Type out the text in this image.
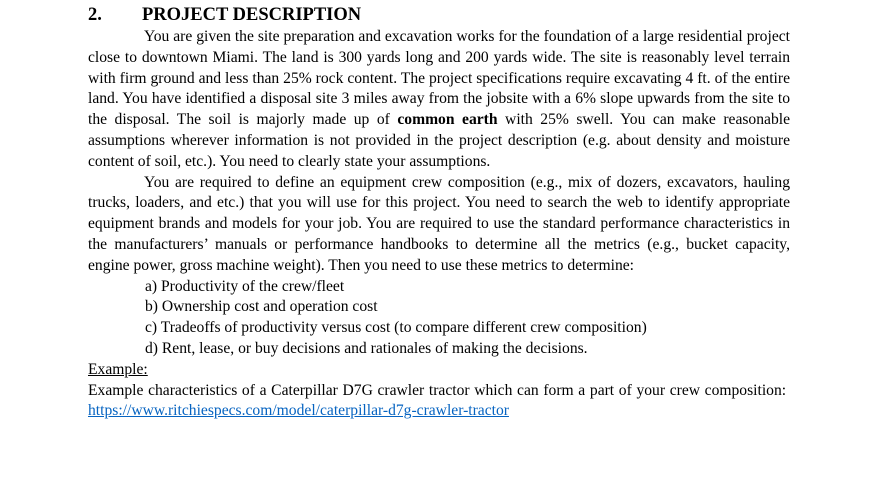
2.	PROJECT DESCRIPTION

You are given the site preparation and excavation works for the foundation of a large residential project close to downtown Miami. The land is 300 yards long and 200 yards wide. The site is reasonably level terrain with firm ground and less than 25% rock content. The project specifications require excavating 4 ft. of the entire land. You have identified a disposal site 3 miles away from the jobsite with a 6% slope upwards from the site to the disposal. The soil is majorly made up of common earth with 25% swell. You can make reasonable assumptions wherever information is not provided in the project description (e.g. about density and moisture content of soil, etc.). You need to clearly state your assumptions.

You are required to define an equipment crew composition (e.g., mix of dozers, excavators, hauling trucks, loaders, and etc.) that you will use for this project. You need to search the web to identify appropriate equipment brands and models for your job. You are required to use the standard performance characteristics in the manufacturers’ manuals or performance handbooks to determine all the metrics (e.g., bucket capacity, engine power, gross machine weight). Then you need to use these metrics to determine:

a) Productivity of the crew/fleet
b) Ownership cost and operation cost
c) Tradeoffs of productivity versus cost (to compare different crew composition)
d) Rent, lease, or buy decisions and rationales of making the decisions.
Example:

Example characteristics of a Caterpillar D7G crawler tractor which can form a part of your crew composition:  https://www.ritchiespecs.com/model/caterpillar-d7g-crawler-tractor
